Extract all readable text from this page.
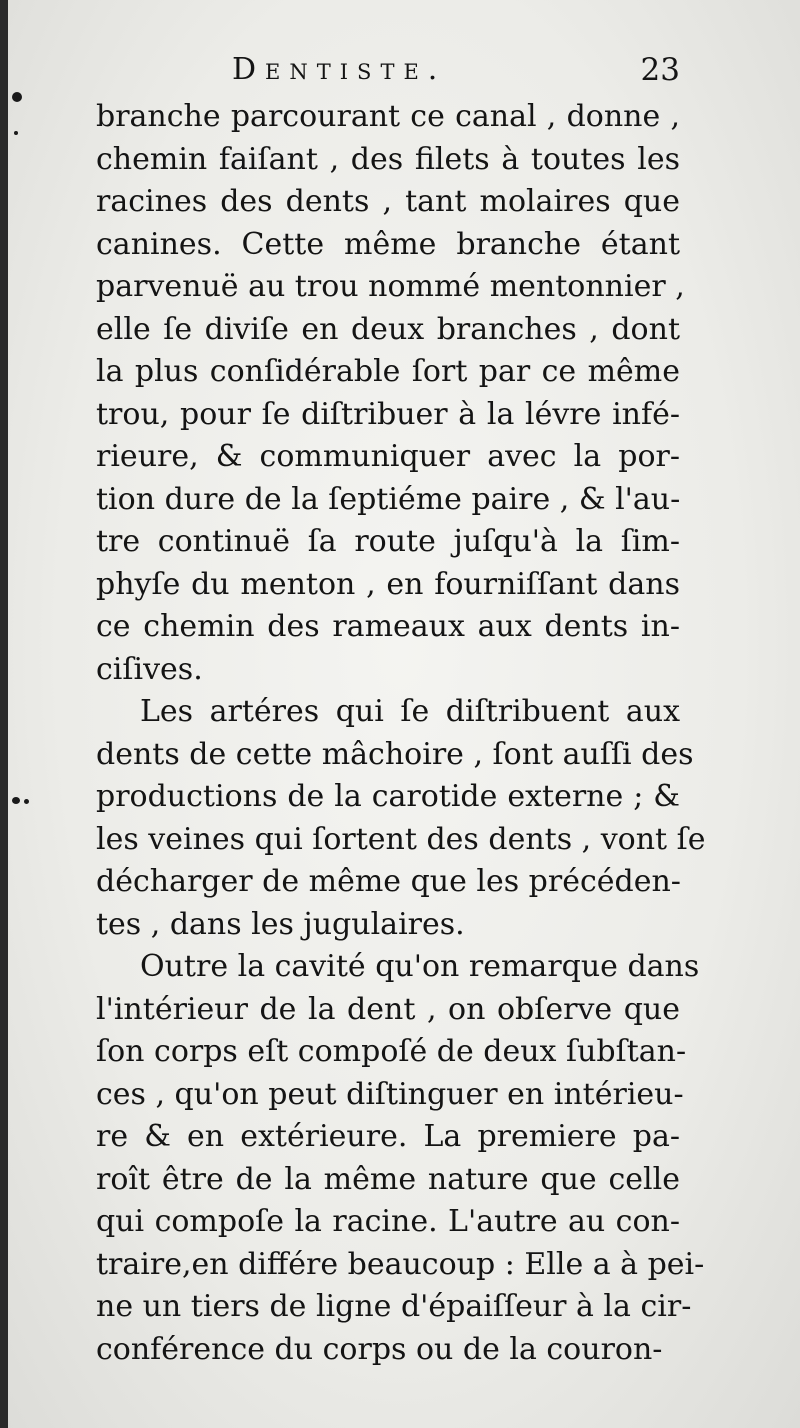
Dentiste.	23
branche parcourant ce canal , donne ,
chemin faiſant , des filets à toutes les
racines des dents , tant molaires que
canines. Cette même branche étant
parvenuë au trou nommé mentonnier ,
elle ſe diviſe en deux branches , dont
la plus conſidérable ſort par ce même
trou, pour ſe diſtribuer à la lévre infé-
rieure, & communiquer avec la por-
tion dure de la ſeptiéme paire , & l'au-
tre continuë ſa route juſqu'à la ſim-
phyſe du menton , en fourniſſant dans
ce chemin des rameaux aux dents in-
ciſives.
Les artéres qui ſe diſtribuent aux
dents de cette mâchoire , ſont auſſi des
productions de la carotide externe ; &
les veines qui ſortent des dents , vont ſe
décharger de même que les précéden-
tes , dans les jugulaires.
Outre la cavité qu'on remarque dans
l'intérieur de la dent , on obſerve que
ſon corps eſt compoſé de deux ſubſtan-
ces , qu'on peut diſtinguer en intérieu-
re & en extérieure. La premiere pa-
roît être de la même nature que celle
qui compoſe la racine. L'autre au con-
traire,en différe beaucoup : Elle a à pei-
ne un tiers de ligne d'épaiſſeur à la cir-
conférence du corps ou de la couron-
